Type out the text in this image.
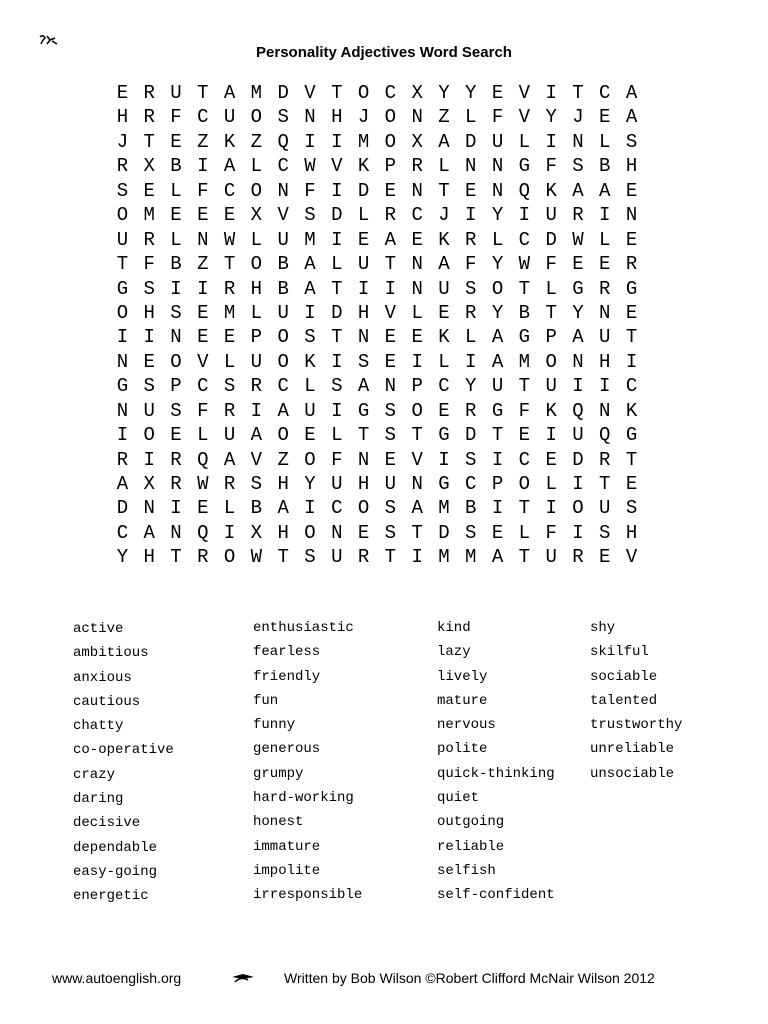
Personality Adjectives Word Search
E R U T A M D V T O C X Y Y E V I T C A
H R F C U O S N H J O N Z L F V Y J E A
J T E Z K Z Q I I M O X A D U L I N L S
R X B I A L C W V K P R L N N G F S B H
S E L F C O N F I D E N T E N Q K A A E
O M E E E X V S D L R C J I Y I U R I N
U R L N W L U M I E A E K R L C D W L E
T F B Z T O B A L U T N A F Y W F E E R
G S I I R H B A T I I N U S O T L G R G
O H S E M L U I D H V L E R Y B T Y N E
I I N E E P O S T N E E K L A G P A U T
N E O V L U O K I S E I L I A M O N H I
G S P C S R C L S A N P C Y U T U I I C
N U S F R I A U I G S O E R G F K Q N K
I O E L U A O E L T S T G D T E I U Q G
R I R Q A V Z O F N E V I S I C E D R T
A X R W R S H Y U H U N G C P O L I T E
D N I E L B A I C O S A M B I T I O U S
C A N Q I X H O N E S T D S E L F I S H
Y H T R O W T S U R T I M M A T U R E V
active
ambitious
anxious
cautious
chatty
co-operative
crazy
daring
decisive
dependable
easy-going
energetic
enthusiastic
fearless
friendly
fun
funny
generous
grumpy
hard-working
honest
immature
impolite
irresponsible
kind
lazy
lively
mature
nervous
polite
quick-thinking
quiet
outgoing
reliable
selfish
self-confident
shy
skilful
sociable
talented
trustworthy
unreliable
unsociable
www.autoenglish.org	Written by Bob Wilson ©Robert Clifford McNair Wilson 2012
